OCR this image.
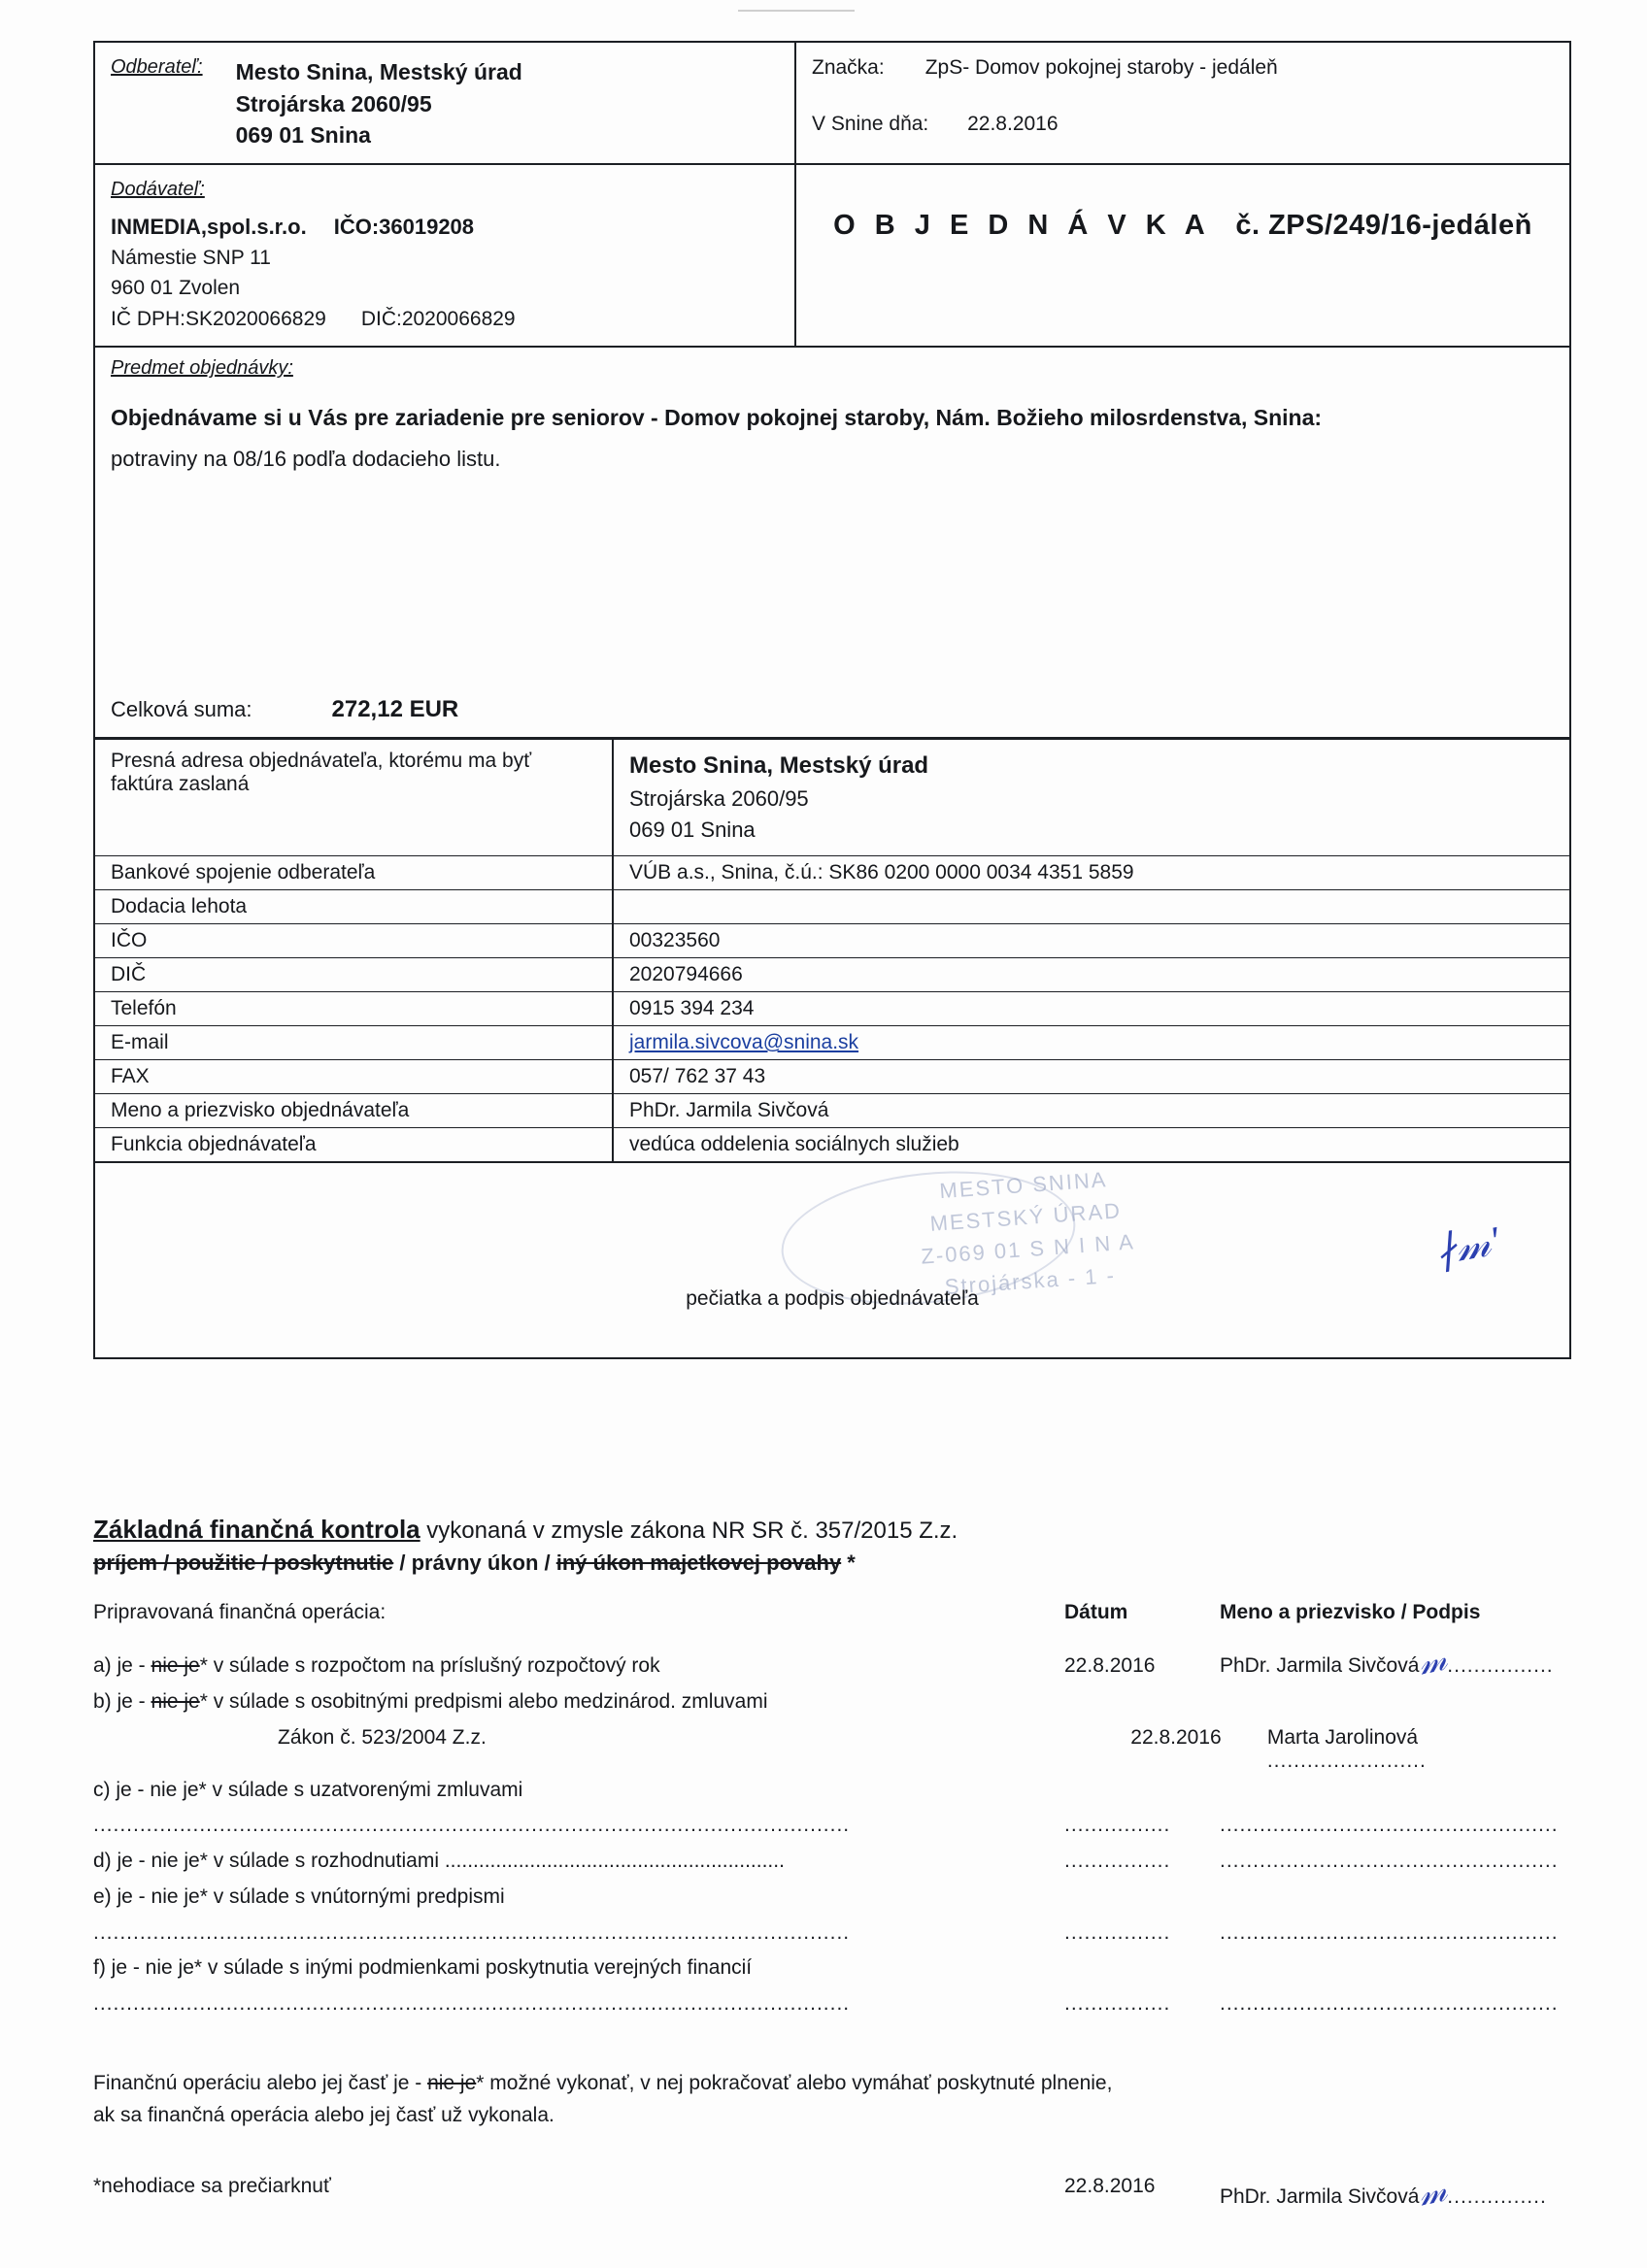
Odberateľ: Mesto Snina, Mestský úrad
Strojárska 2060/95
069 01 Snina
Značka: ZpS- Domov pokojnej staroby - jedáleň
V Snine dňa: 22.8.2016
Dodávateľ:
INMEDIA,spol.s.r.o. IČO:36019208
Námestie SNP 11
960 01 Zvolen
IČ DPH:SK2020066829 DIČ:2020066829
O B J E D N Á V K A č. ZPS/249/16-jedáleň
Predmet objednávky:
Objednávame si u Vás pre zariadenie pre seniorov - Domov pokojnej staroby, Nám. Božieho milosrdenstva, Snina:
potraviny na 08/16 podľa dodacieho listu.
Celková suma:	272,12 EUR
Presná adresa objednávateľa, ktorému ma byť faktúra zaslaná	Mesto Snina, Mestský úrad
Strojárska 2060/95
069 01 Snina

Bankové spojenie odberateľa	VÚB a.s., Snina, č.ú.: SK86 0200 0000 0034 4351 5859
Dodacia lehota	
IČO	00323560
DIČ	2020794666
Telefón	0915 394 234
E-mail	jarmila.sivcova@snina.sk
FAX	057/ 762 37 43
Meno a priezvisko objednávateľa	PhDr. Jarmila Sivčová
Funkcia objednávateľa	vedúca oddelenia sociálnych služieb
MESTO SNINA
MESTSKÝ ÚRAD
Z-069 01 S N I N A
Strojárska - 1 -
∤𝓂'
pečiatka a podpis objednávateľa
Základná finančná kontrola vykonaná v zmysle zákona NR SR č. 357/2015 Z.z.
príjem / použitie / poskytnutie / právny úkon / iný úkon majetkovej povahy *
Pripravovaná finančná operácia:	Dátum	Meno a priezvisko / Podpis
a) je - nie je* v súlade s rozpočtom na príslušný rozpočtový rok	22.8.2016	PhDr. Jarmila Sivčová𝓂................
b) je - nie je* v súlade s osobitnými predpismi alebo medzinárod. zmluvami
Zákon č. 523/2004 Z.z.	22.8.2016	Marta Jarolinová ........................
c) je - nie je* v súlade s uzatvorenými zmluvami
..................................................................................................................	................	...................................................
d) je - nie je* v súlade s rozhodnutiami ............................................................	................	...................................................
e) je - nie je* v súlade s vnútornými predpismi
..................................................................................................................	................	...................................................
f) je - nie je* v súlade s inými podmienkami poskytnutia verejných financií
..................................................................................................................	................	...................................................
Finančnú operáciu alebo jej časť je - nie je* možné vykonať, v nej pokračovať alebo vymáhať poskytnuté plnenie,
ak sa finančná operácia alebo jej časť už vykonala.
*nehodiace sa prečiarknuť	22.8.2016	PhDr. Jarmila Sivčová𝓂...............
